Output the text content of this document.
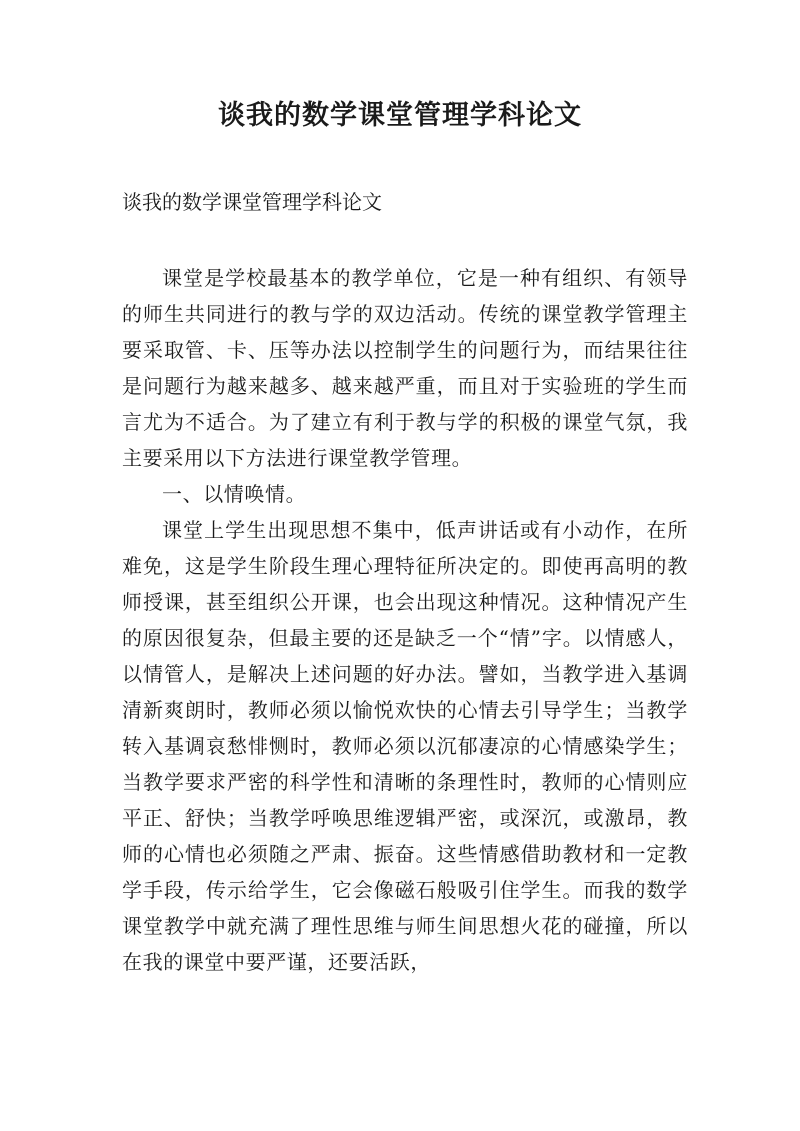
谈我的数学课堂管理学科论文

谈我的数学课堂管理学科论文

课堂是学校最基本的教学单位，它是一种有组织、有领导的师生共同进行的教与学的双边活动。传统的课堂教学管理主要采取管、卡、压等办法以控制学生的问题行为，而结果往往是问题行为越来越多、越来越严重，而且对于实验班的学生而言尤为不适合。为了建立有利于教与学的积极的课堂气氛，我主要采用以下方法进行课堂教学管理。

一、以情唤情。

课堂上学生出现思想不集中，低声讲话或有小动作，在所难免，这是学生阶段生理心理特征所决定的。即使再高明的教师授课，甚至组织公开课，也会出现这种情况。这种情况产生的原因很复杂，但最主要的还是缺乏一个“情”字。以情感人，以情管人，是解决上述问题的好办法。譬如，当教学进入基调清新爽朗时，教师必须以愉悦欢快的心情去引导学生；当教学转入基调哀愁悱恻时，教师必须以沉郁凄凉的心情感染学生；当教学要求严密的科学性和清晰的条理性时，教师的心情则应平正、舒快；当教学呼唤思维逻辑严密，或深沉，或激昂，教师的心情也必须随之严肃、振奋。这些情感借助教材和一定教学手段，传示给学生，它会像磁石般吸引住学生。而我的数学课堂教学中就充满了理性思维与师生间思想火花的碰撞，所以在我的课堂中要严谨，还要活跃，
